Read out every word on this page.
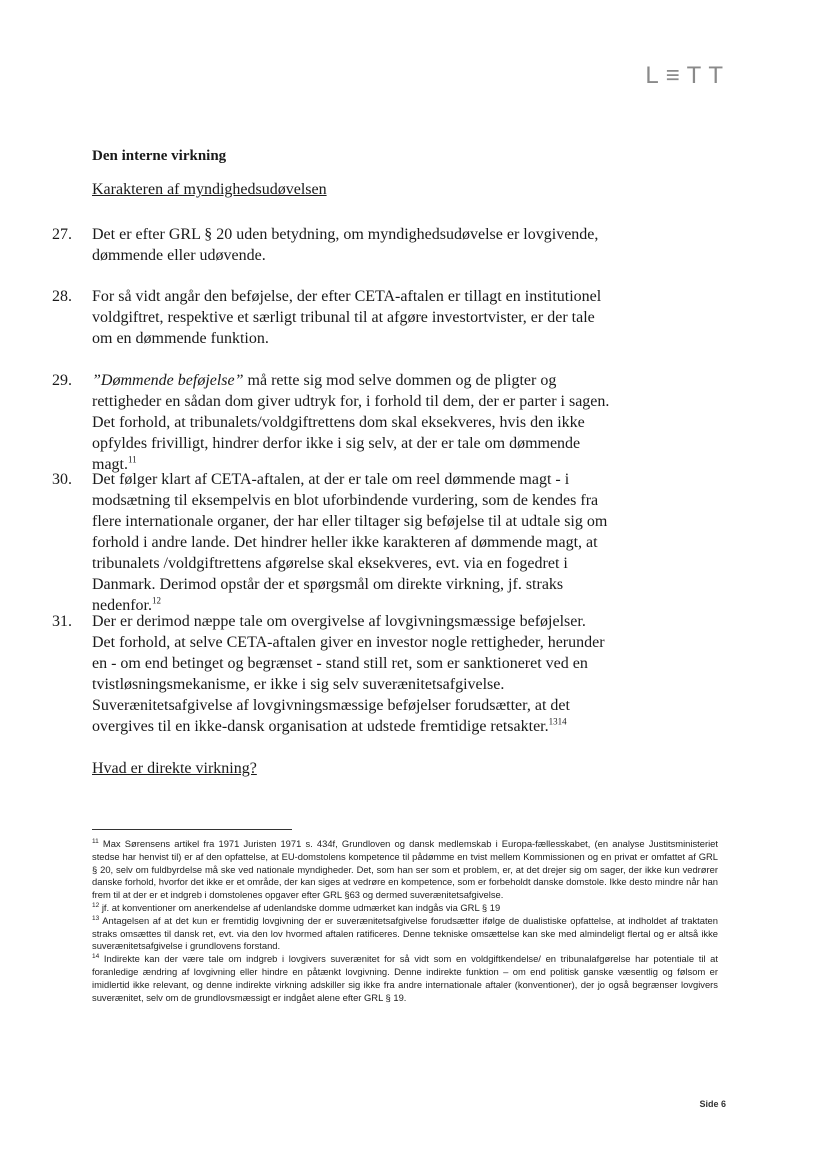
L≡TT
Den interne virkning
Karakteren af myndighedsudøvelsen
27. Det er efter GRL § 20 uden betydning, om myndighedsudøvelse er lovgivende, dømmende eller udøvende.
28. For så vidt angår den beføjelse, der efter CETA-aftalen er tillagt en institutionel voldgiftret, respektive et særligt tribunal til at afgøre investortvister, er der tale om en dømmende funktion.
29. ”Dømmende beføjelse” må rette sig mod selve dommen og de pligter og rettigheder en sådan dom giver udtryk for, i forhold til dem, der er parter i sagen. Det forhold, at tribunalets/voldgiftrettens dom skal eksekveres, hvis den ikke opfyldes frivilligt, hindrer derfor ikke i sig selv, at der er tale om dømmende magt.$^{11}$
30. Det følger klart af CETA-aftalen, at der er tale om reel dømmende magt - i modsætning til eksempelvis en blot uforbindende vurdering, som de kendes fra flere internationale organer, der har eller tiltager sig beføjelse til at udtale sig om forhold i andre lande. Det hindrer heller ikke karakteren af dømmende magt, at tribunalets /voldgiftrettens afgørelse skal eksekveres, evt. via en fogedret i Danmark. Derimod opstår der et spørgsmål om direkte virkning, jf. straks nedenfor.$^{12}$
31. Der er derimod næppe tale om overgivelse af lovgivningsmæssige beføjelser. Det forhold, at selve CETA-aftalen giver en investor nogle rettigheder, herunder en - om end betinget og begrænset - stand still ret, som er sanktioneret ved en tvistløsningsmekanisme, er ikke i sig selv suverænitetsafgivelse. Suverænitetsafgivelse af lovgivningsmæssige beføjelser forudsætter, at det overgives til en ikke-dansk organisation at udstede fremtidige retsakter.$^{1314}$
Hvad er direkte virkning?

$^{11}$ Max Sørensens artikel fra 1971 Juristen 1971 s. 434f, Grundloven og dansk medlemskab i Europa-fællesskabet, (en analyse Justitsministeriet stedse har henvist til) er af den opfattelse, at EU-domstolens kompetence til pådømme en tvist mellem Kommissionen og en privat er omfattet af GRL § 20, selv om fuldbyrdelse må ske ved nationale myndigheder. Det, som han ser som et problem, er, at det drejer sig om sager, der ikke kun vedrører danske forhold, hvorfor det ikke er et område, der kan siges at vedrøre en kompetence, som er forbeholdt danske domstole. Ikke desto mindre når han frem til at der er et indgreb i domstolenes opgaver efter GRL §63 og dermed suverænitetsafgivelse.

$^{12}$ jf. at konventioner om anerkendelse af udenlandske domme udmærket kan indgås via GRL § 19

$^{13}$ Antagelsen af at det kun er fremtidig lovgivning der er suverænitetsafgivelse forudsætter ifølge de dualistiske opfattelse, at indholdet af traktaten straks omsættes til dansk ret, evt. via den lov hvormed aftalen ratificeres. Denne tekniske omsættelse kan ske med almindeligt flertal og er altså ikke suverænitetsafgivelse i grundlovens forstand.

$^{14}$ Indirekte kan der være tale om indgreb i lovgivers suverænitet for så vidt som en voldgiftkendelse/ en tribunalafgørelse har potentiale til at foranledige ændring af lovgivning eller hindre en påtænkt lovgivning. Denne indirekte funktion – om end politisk ganske væsentlig og følsom er imidlertid ikke relevant, og denne indirekte virkning adskiller sig ikke fra andre internationale aftaler (konventioner), der jo også begrænser lovgivers suverænitet, selv om de grundlovsmæssigt er indgået alene efter GRL § 19.

Side 6
